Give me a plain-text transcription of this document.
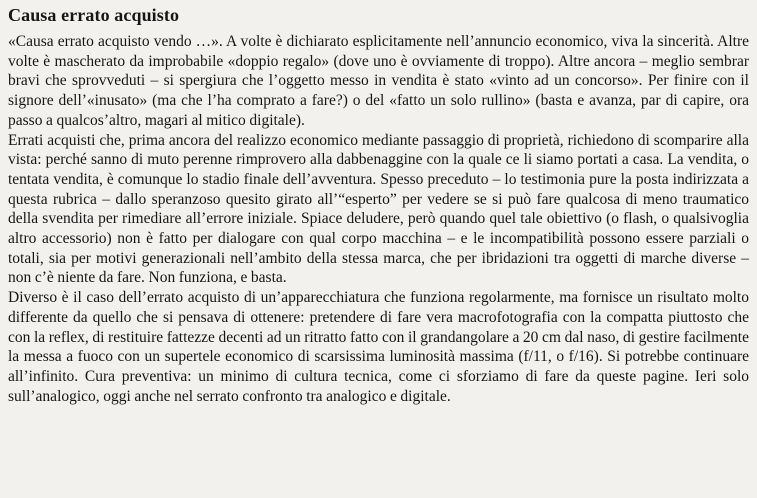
Causa errato acquisto

«Causa errato acquisto vendo …». A volte è dichiarato esplicitamente nell’annuncio economico, viva la sincerità. Altre volte è mascherato da improbabile «doppio regalo» (dove uno è ovviamente di troppo). Altre ancora – meglio sembrar bravi che sprovveduti – si spergiura che l’oggetto messo in vendita è stato «vinto ad un concorso». Per finire con il signore dell’«inusato» (ma che l’ha comprato a fare?) o del «fatto un solo rullino» (basta e avanza, par di capire, ora passo a qualcos’altro, magari al mitico digitale).

Errati acquisti che, prima ancora del realizzo economico mediante passaggio di proprietà, richiedono di scomparire alla vista: perché sanno di muto perenne rimprovero alla dabbenaggine con la quale ce li siamo portati a casa. La vendita, o tentata vendita, è comunque lo stadio finale dell’avventura. Spesso preceduto – lo testimonia pure la posta indirizzata a questa rubrica – dallo speranzoso quesito girato all’“esperto” per vedere se si può fare qualcosa di meno traumatico della svendita per rimediare all’errore iniziale. Spiace deludere, però quando quel tale obiettivo (o flash, o qualsivoglia altro accessorio) non è fatto per dialogare con qual corpo macchina – e le incompatibilità possono essere parziali o totali, sia per motivi generazionali nell’ambito della stessa marca, che per ibridazioni tra oggetti di marche diverse – non c’è niente da fare. Non funziona, e basta.

Diverso è il caso dell’errato acquisto di un’apparecchiatura che funziona regolarmente, ma fornisce un risultato molto differente da quello che si pensava di ottenere: pretendere di fare vera macrofotografia con la compatta piuttosto che con la reflex, di restituire fattezze decenti ad un ritratto fatto con il grandangolare a 20 cm dal naso, di gestire facilmente la messa a fuoco con un supertele economico di scarsissima luminosità massima (f/11, o f/16). Si potrebbe continuare all’infinito. Cura preventiva: un minimo di cultura tecnica, come ci sforziamo di fare da queste pagine. Ieri solo sull’analogico, oggi anche nel serrato confronto tra analogico e digitale.
